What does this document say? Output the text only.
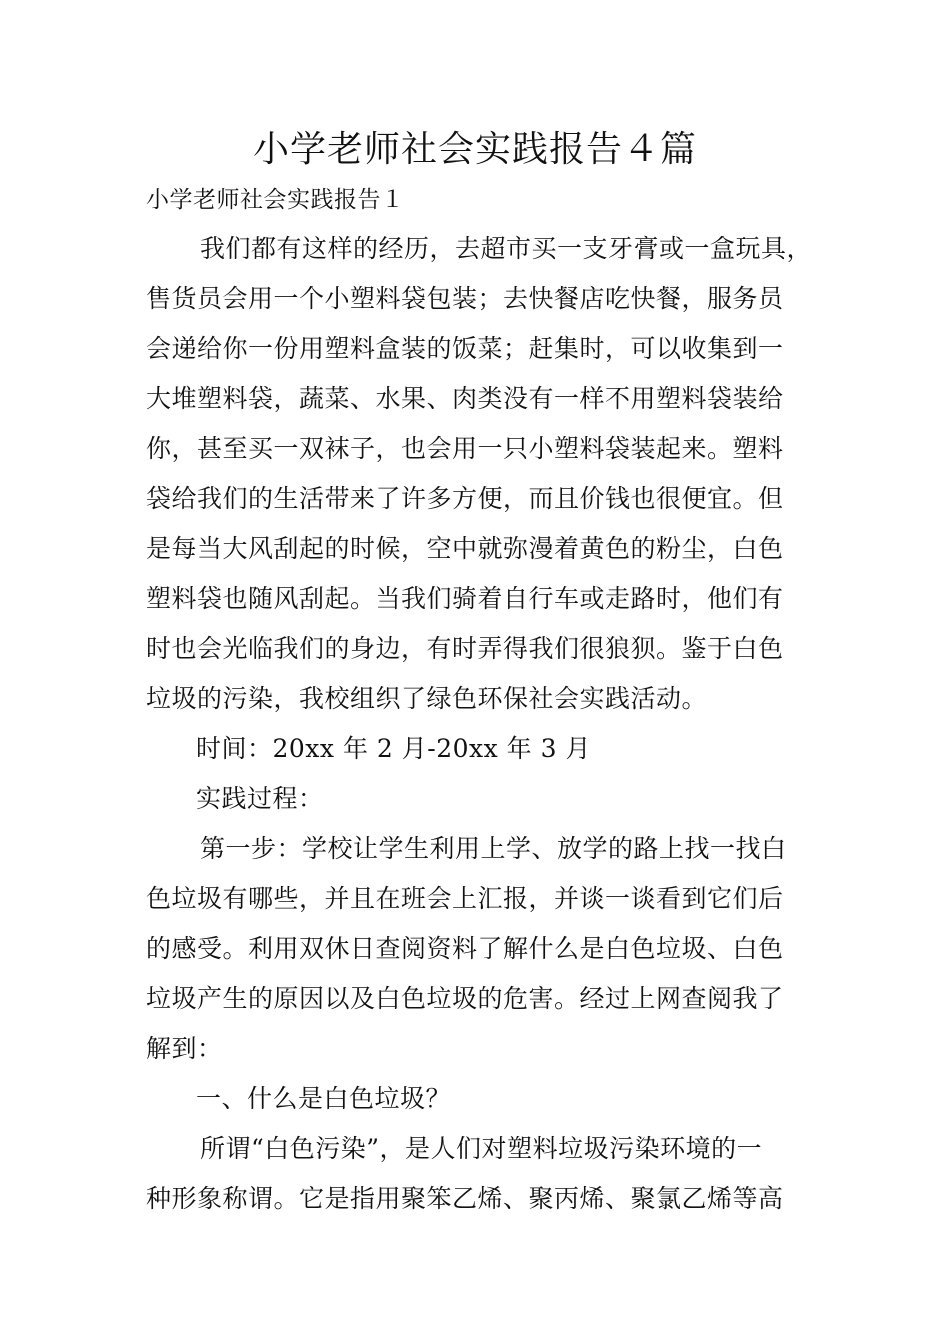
小学老师社会实践报告４篇
小学老师社会实践报告１
我们都有这样的经历，去超市买一支牙膏或一盒玩具，
售货员会用一个小塑料袋包装；去快餐店吃快餐，服务员
会递给你一份用塑料盒装的饭菜；赶集时，可以收集到一
大堆塑料袋，蔬菜、水果、肉类没有一样不用塑料袋装给
你，甚至买一双袜子，也会用一只小塑料袋装起来。塑料
袋给我们的生活带来了许多方便，而且价钱也很便宜。但
是每当大风刮起的时候，空中就弥漫着黄色的粉尘，白色
塑料袋也随风刮起。当我们骑着自行车或走路时，他们有
时也会光临我们的身边，有时弄得我们很狼狈。鉴于白色
垃圾的污染，我校组织了绿色环保社会实践活动。
时间：20xx 年 2 月-20xx 年 3 月
实践过程：
第一步：学校让学生利用上学、放学的路上找一找白
色垃圾有哪些，并且在班会上汇报，并谈一谈看到它们后
的感受。利用双休日查阅资料了解什么是白色垃圾、白色
垃圾产生的原因以及白色垃圾的危害。经过上网查阅我了
解到：
一、什么是白色垃圾？
所谓“白色污染”，是人们对塑料垃圾污染环境的一
种形象称谓。它是指用聚笨乙烯、聚丙烯、聚氯乙烯等高
